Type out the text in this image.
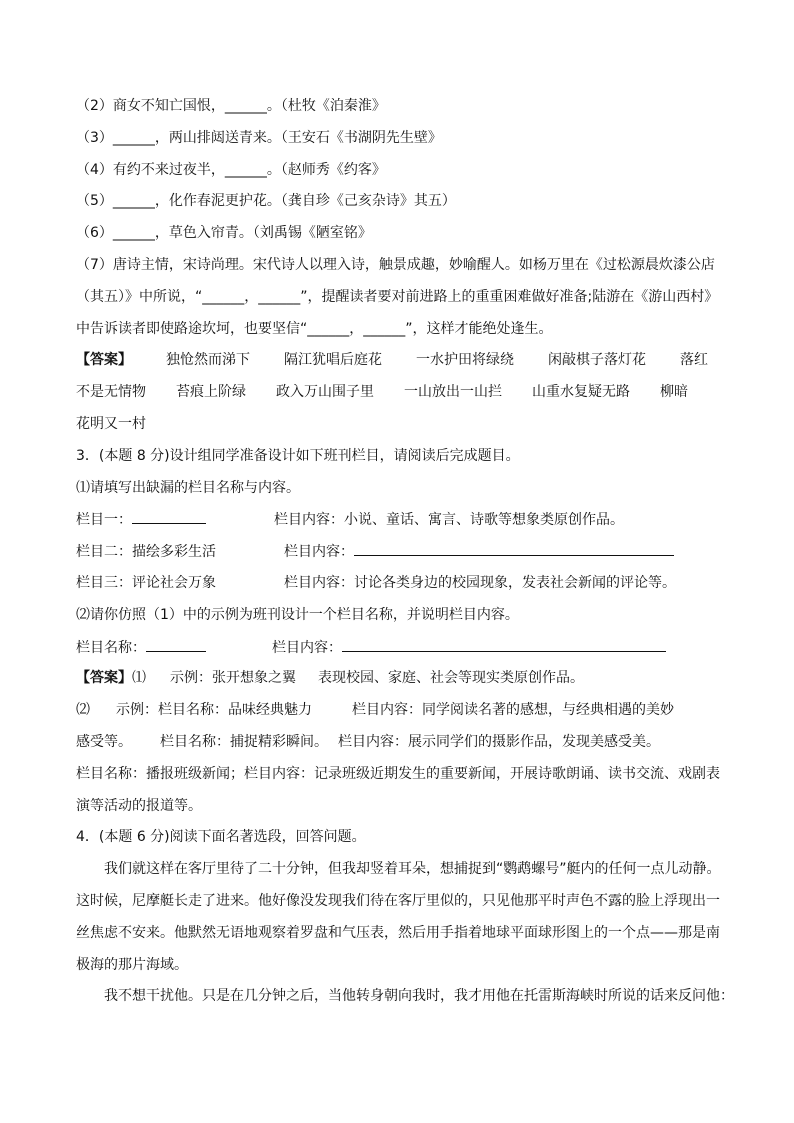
（2）商女不知亡国恨，______。（杜牧《泊秦淮》
（3）______，两山排闼送青来。（王安石《书湖阴先生壁》
（4）有约不来过夜半，______。（赵师秀《约客》
（5）______，化作春泥更护花。（龚自珍《己亥杂诗》其五）
（6）______，草色入帘青。（刘禹锡《陋室铭》
（7）唐诗主情，宋诗尚理。宋代诗人以理入诗，触景成趣，妙喻醒人。如杨万里在《过松源晨炊漆公店
（其五）》中所说，“______，______”，提醒读者要对前进路上的重重困难做好准备;陆游在《游山西村》
中告诉读者即使路途坎坷，也要坚信“______，______”，这样才能绝处逢生。
【答案】 独怆然而涕下 隔江犹唱后庭花 一水护田将绿绕 闲敲棋子落灯花 落红
不是无情物 苔痕上阶绿 政入万山围子里 一山放出一山拦 山重水复疑无路 柳暗
花明又一村
3．(本题 8 分)设计组同学准备设计如下班刊栏目，请阅读后完成题目。
⑴请填写出缺漏的栏目名称与内容。
栏目一：	栏目内容：小说、童话、寓言、诗歌等想象类原创作品。
栏目二：描绘多彩生活	栏目内容：
栏目三：评论社会万象	栏目内容：讨论各类身边的校园现象，发表社会新闻的评论等。
⑵请你仿照（1）中的示例为班刊设计一个栏目名称，并说明栏目内容。
栏目名称：	栏目内容：
【答案】⑴ 示例：张开想象之翼 表现校园、家庭、社会等现实类原创作品。
⑵ 示例：栏目名称：品味经典魅力	栏目内容：同学阅读名著的感想，与经典相遇的美妙
感受等。 栏目名称：捕捉精彩瞬间。 栏目内容：展示同学们的摄影作品，发现美感受美。
栏目名称：播报班级新闻；栏目内容：记录班级近期发生的重要新闻，开展诗歌朗诵、读书交流、戏剧表
演等活动的报道等。
4．(本题 6 分)阅读下面名著选段，回答问题。
我们就这样在客厅里待了二十分钟，但我却竖着耳朵，想捕捉到“鹦鹉螺号”艇内的任何一点儿动静。
这时候，尼摩艇长走了进来。他好像没发现我们待在客厅里似的，只见他那平时声色不露的脸上浮现出一
丝焦虑不安来。他默然无语地观察着罗盘和气压表，然后用手指着地球平面球形图上的一个点——那是南
极海的那片海域。
我不想干扰他。只是在几分钟之后，当他转身朝向我时，我才用他在托雷斯海峡时所说的话来反问他：
